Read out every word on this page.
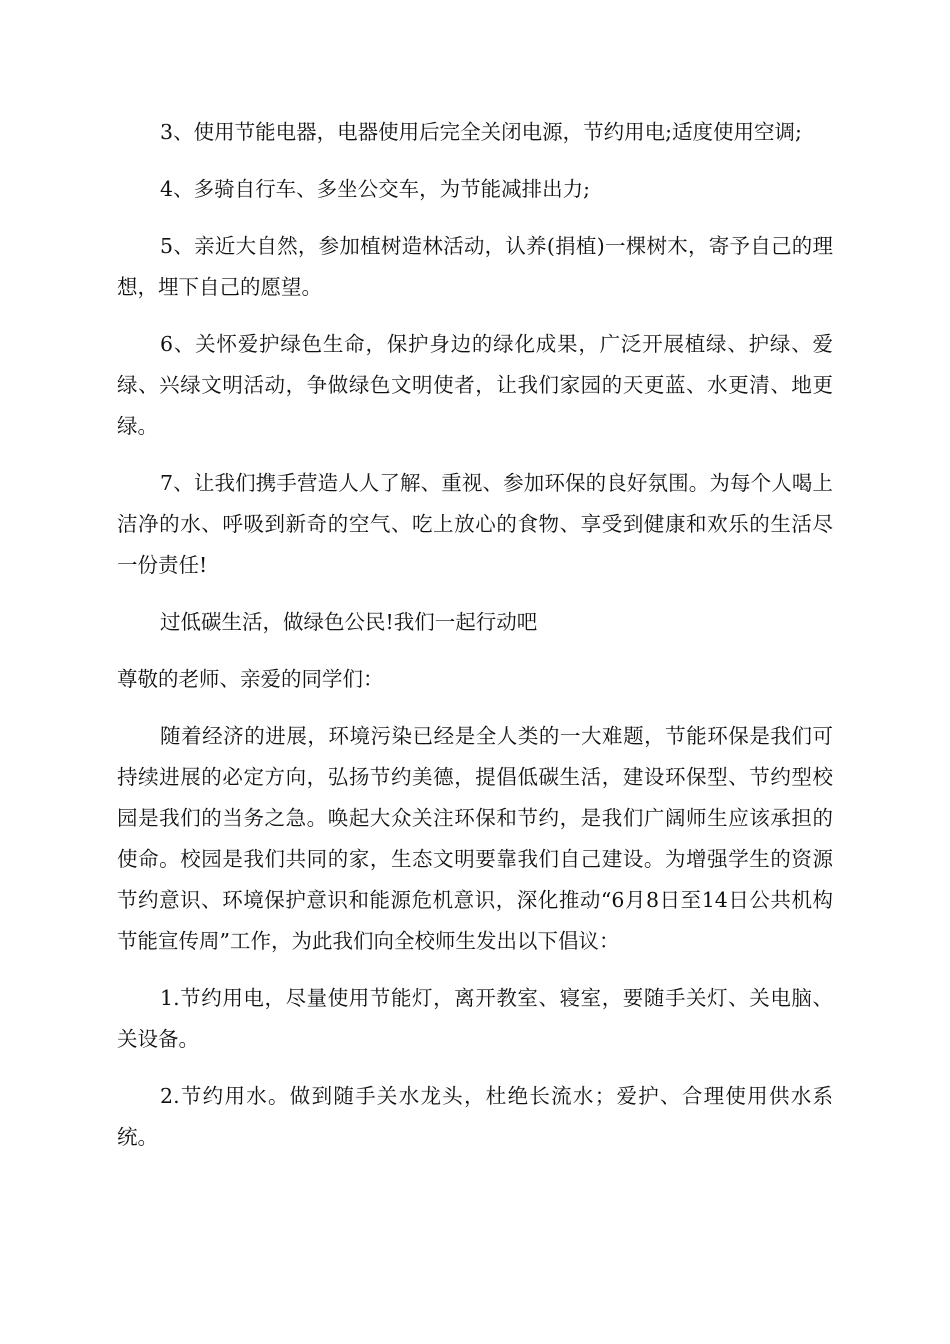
3、使用节能电器，电器使用后完全关闭电源，节约用电;适度使用空调;

4、多骑自行车、多坐公交车，为节能减排出力;

5、亲近大自然，参加植树造林活动，认养(捐植)一棵树木，寄予自己的理想，埋下自己的愿望。

6、关怀爱护绿色生命，保护身边的绿化成果，广泛开展植绿、护绿、爱绿、兴绿文明活动，争做绿色文明使者，让我们家园的天更蓝、水更清、地更绿。

7、让我们携手营造人人了解、重视、参加环保的良好氛围。为每个人喝上洁净的水、呼吸到新奇的空气、吃上放心的食物、享受到健康和欢乐的生活尽一份责任!

过低碳生活，做绿色公民!我们一起行动吧

尊敬的老师、亲爱的同学们：

随着经济的进展，环境污染已经是全人类的一大难题，节能环保是我们可持续进展的必定方向，弘扬节约美德，提倡低碳生活，建设环保型、节约型校园是我们的当务之急。唤起大众关注环保和节约，是我们广阔师生应该承担的使命。校园是我们共同的家，生态文明要靠我们自己建设。为增强学生的资源节约意识、环境保护意识和能源危机意识，深化推动“6月8日至14日公共机构节能宣传周”工作，为此我们向全校师生发出以下倡议：

1.节约用电，尽量使用节能灯，离开教室、寝室，要随手关灯、关电脑、关设备。

2.节约用水。做到随手关水龙头，杜绝长流水；爱护、合理使用供水系统。
